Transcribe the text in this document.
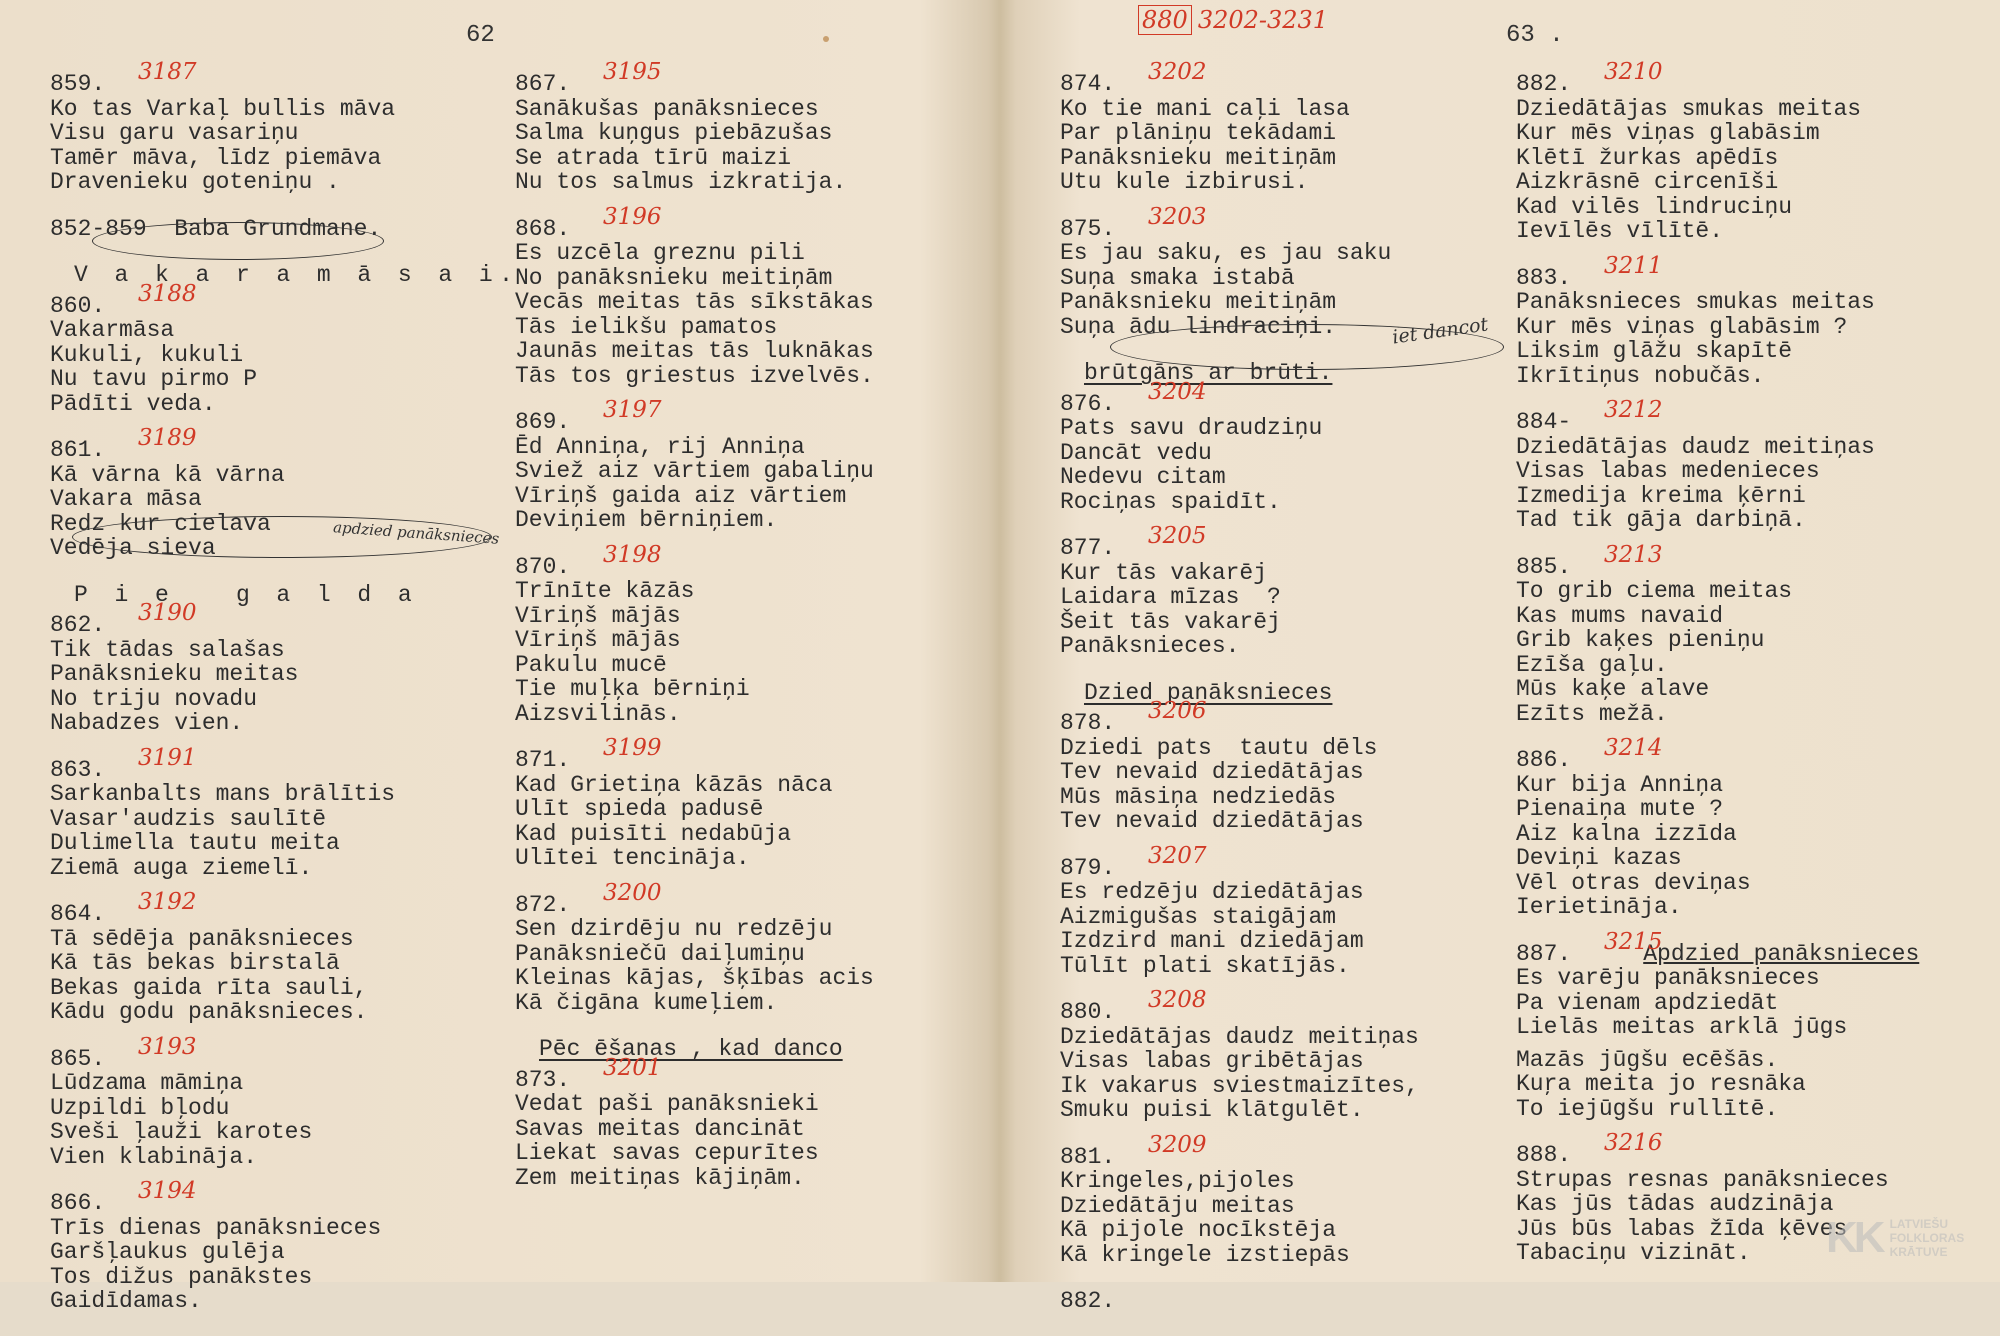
62
859. 3187
Ko tas Varkaļ bullis māva
Visu garu vasariņu
Tamēr māva, līdz piemāva
Dravenieku goteniņu .
852-859  Baba Grundmane.
V a k a r a m ā s a i.
860. 3188
Vakarmāsa
Kukuli, kukuli
Nu tavu pirmo P
Pādīti veda.
861. 3189
Kā vārna kā vārna
Vakara māsa
Redz kur cielava
Vedēja sieva
P i e   g a l d a
862. 3190
Tik tādas salašas
Panāksnieku meitas
No triju novadu
Nabadzes vien.
863. 3191
Sarkanbalts mans brālītis
Vasar'audzis saulītē
Dulimella tautu meita
Ziemā auga ziemelī.
864. 3192
Tā sēdēja panāksnieces
Kā tās bekas birstalā
Bekas gaida rīta sauli,
Kādu godu panāksnieces.
865. 3193
Lūdzama māmiņa
Uzpildi bļodu
Sveši ļauži karotes
Vien klabināja.
866. 3194
Trīs dienas panāksnieces
Garšļaukus gulēja
Tos dižus panākstes
Gaidīdamas.
867. 3195
Sanākušas panāksnieces
Salma kuņgus piebāzušas
Se atrada tīrū maizi
Nu tos salmus izkratija.
868. 3196
Es uzcēla greznu pili
No panāksnieku meitiņām
Vecās meitas tās sīkstākas
Tās ielikšu pamatos
Jaunās meitas tās luknākas
Tās tos griestus izvelvēs.
869. 3197
Ēd Anniņa, rij Anniņa
Sviež aiz vārtiem gabaliņu
Vīriņš gaida aiz vārtiem
Deviņiem bērniņiem.
870. 3198
Trīnīte kāzās
Vīriņš mājās
Vīriņš mājās
Pakulu mucē
Tie muļķa bērniņi
Aizsvilinās.
871. 3199
Kad Grietiņa kāzās nāca
Ulīt spieda padusē
Kad puisīti nedabūja
Ulītei tencināja.
872. 3200
Sen dzirdēju nu redzēju
Panāksniečū daiļumiņu
Kleinas kājas, šķības acis
Kā čigāna kumeļiem.
Pēc ēšanas , kad danco
873. 3201
Vedat paši panāksnieki
Savas meitas dancināt
Liekat savas cepurītes
Zem meitiņas kājiņām.
apdzied panāksnieces
63 .
874. 3202
Ko tie mani caļi lasa
Par plāniņu tekādami
Panāksnieku meitiņām
Utu kule izbirusi.
875. 3203
Es jau saku, es jau saku
Suņa smaka istabā
Panāksnieku meitiņām
Suņa ādu lindraciņi.
brūtgāns ar brūti.
876. 3204
Pats savu draudziņu
Dancāt vedu
Nedevu citam
Rociņas spaidīt.
877. 3205
Kur tās vakarēj
Laidara mīzas  ?
Šeit tās vakarēj
Panāksnieces.
Dzied panāksnieces
878. 3206
Dziedi pats  tautu dēls
Tev nevaid dziedātājas
Mūs māsiņa nedziedās
Tev nevaid dziedātājas
879. 3207
Es redzēju dziedātājas
Aizmigušas staigājam
Izdzird mani dziedājam
Tūlīt plati skatījās.
880. 3208
Dziedātājas daudz meitiņas
Visas labas gribētājas
Ik vakarus sviestmaizītes,
Smuku puisi klātgulēt.
881. 3209
Kringeles,pijoles
Dziedātāju meitas
Kā pijole nocīkstēja
Kā kringele izstiepās
882.
882. 3210
Dziedātājas smukas meitas
Kur mēs viņas glabāsim
Klētī žurkas apēdīs
Aizkrāsnē circenīši
Kad vilēs lindruciņu
Ievīlēs vīlītē.
883. 3211
Panāksnieces smukas meitas
Kur mēs viņas glabāsim ?
Liksim glāžu skapītē
Ikrītiņus nobučās.
884- 3212
Dziedātājas daudz meitiņas
Visas labas medenieces
Izmedija kreima ķērni
Tad tik gāja darbiņā.
885. 3213
To grib ciema meitas
Kas mums navaid
Grib kaķes pieniņu
Ezīša gaļu.
Mūs kaķe alave
Ezīts mežā.
886. 3214
Kur bija Anniņa
Pienaiņa mute ?
Aiz kalna izzīda
Deviņi kazas
Vēl otras deviņas
Ierietināja.
887.	Apdzied panāksnieces
3215
Es varēju panāksnieces
Pa vienam apdziedāt
Lielās meitas arklā jūgs
Mazās jūgšu ecēšās.
Kuŗa meita jo resnāka
To iejūgšu rullītē.
888. 3216
Strupas resnas panāksnieces
Kas jūs tādas audzināja
Jūs būs labas žīda ķēves
Tabaciņu vizināt.
iet dancot
880 3202-3231
KK LATVIEŠU
FOLKLORAS
KRĀTUVE
